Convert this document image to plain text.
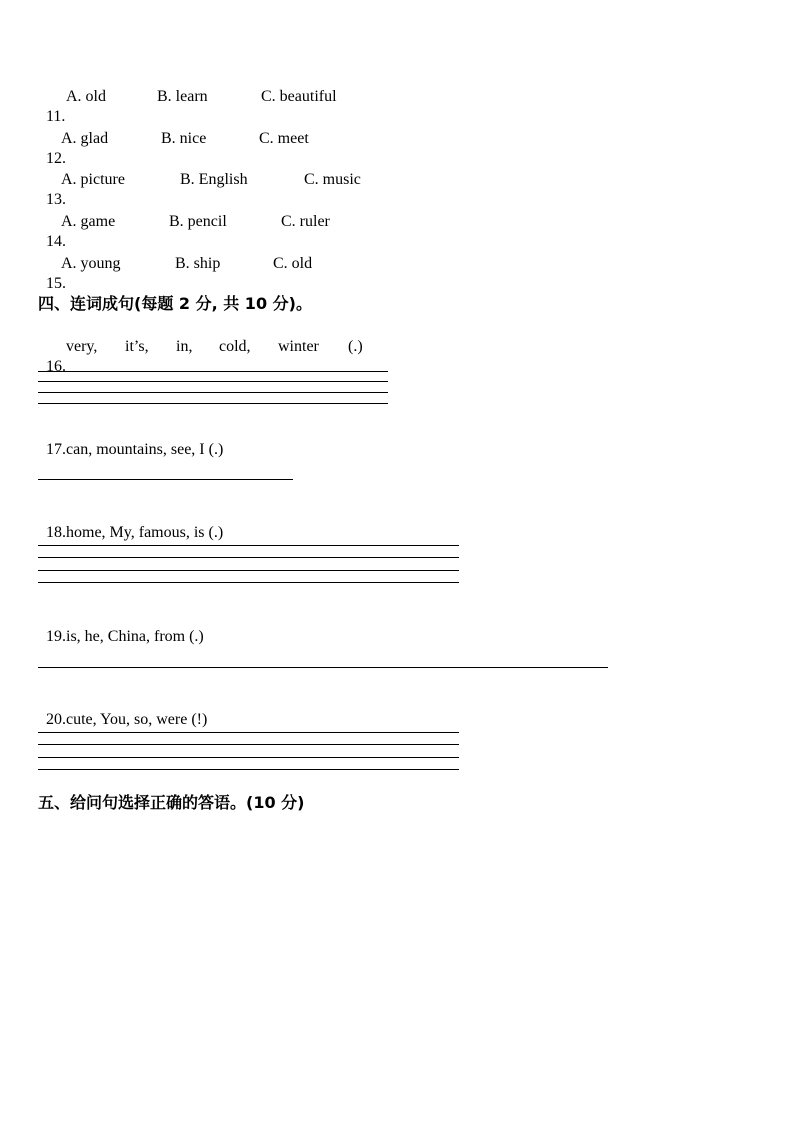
11.

A. old

	B. learn

	C. beautiful

12.

A. glad

	B. nice

	C. meet

13.

A. picture

	B. English

	C. music

14.

A. game

	B. pencil

	C. ruler

15.

A. young

	B. ship

	C. old

四、连词成句(每题 2 分, 共 10 分)。

16.

very,

it’s,

in,

cold,

winter

(.)

17.can, mountains, see, I (.)

18.home, My, famous, is (.)

19.is, he, China, from (.)

20.cute, You, so, were (!)

五、给问句选择正确的答语。(10 分)
